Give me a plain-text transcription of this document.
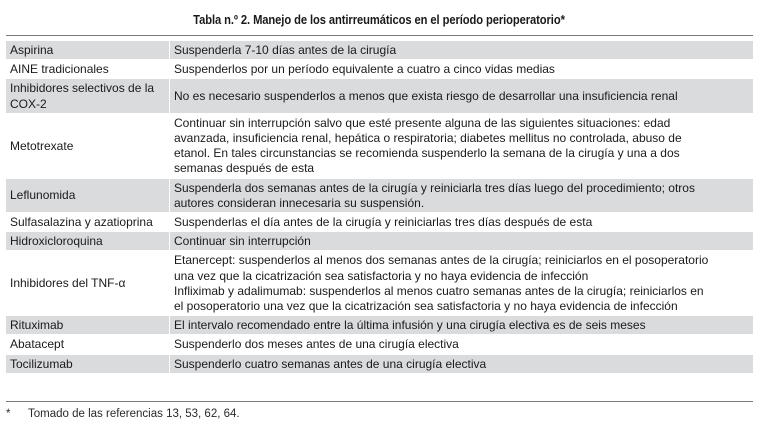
Tabla n.º 2. Manejo de los antirreumáticos en el período perioperatorio*
Aspirina	Suspenderla 7-10 días antes de la cirugía

AINE tradicionales	Suspenderlos por un período equivalente a cuatro a cinco vidas medias

Inhibidores selectivos de la COX-2	No es necesario suspenderlos a menos que exista riesgo de desarrollar una insuficiencia renal

Metotrexate	Continuar sin interrupción salvo que esté presente alguna de las siguientes situaciones: edad
avanzada, insuficiencia renal, hepática o respiratoria; diabetes mellitus no controlada, abuso de
etanol. En tales circunstancias se recomienda suspenderlo la semana de la cirugía y una a dos
semanas después de esta

Leflunomida	Suspenderla dos semanas antes de la cirugía y reiniciarla tres días luego del procedimiento; otros
autores consideran innecesaria su suspensión.

Sulfasalazina y azatioprina	Suspenderlas el día antes de la cirugía y reiniciarlas tres días después de esta

Hidroxicloroquina	Continuar sin interrupción

Inhibidores del TNF-α	Etanercept: suspenderlos al menos dos semanas antes de la cirugía; reiniciarlos en el posoperatorio
una vez que la cicatrización sea satisfactoria y no haya evidencia de infección
Infliximab y adalimumab: suspenderlos al menos cuatro semanas antes de la cirugía; reiniciarlos en
el posoperatorio una vez que la cicatrización sea satisfactoria y no haya evidencia de infección

Rituximab	El intervalo recomendado entre la última infusión y una cirugía electiva es de seis meses

Abatacept	Suspenderlo dos meses antes de una cirugía electiva

Tocilizumab	Suspenderlo cuatro semanas antes de una cirugía electiva
* Tomado de las referencias 13, 53, 62, 64.
